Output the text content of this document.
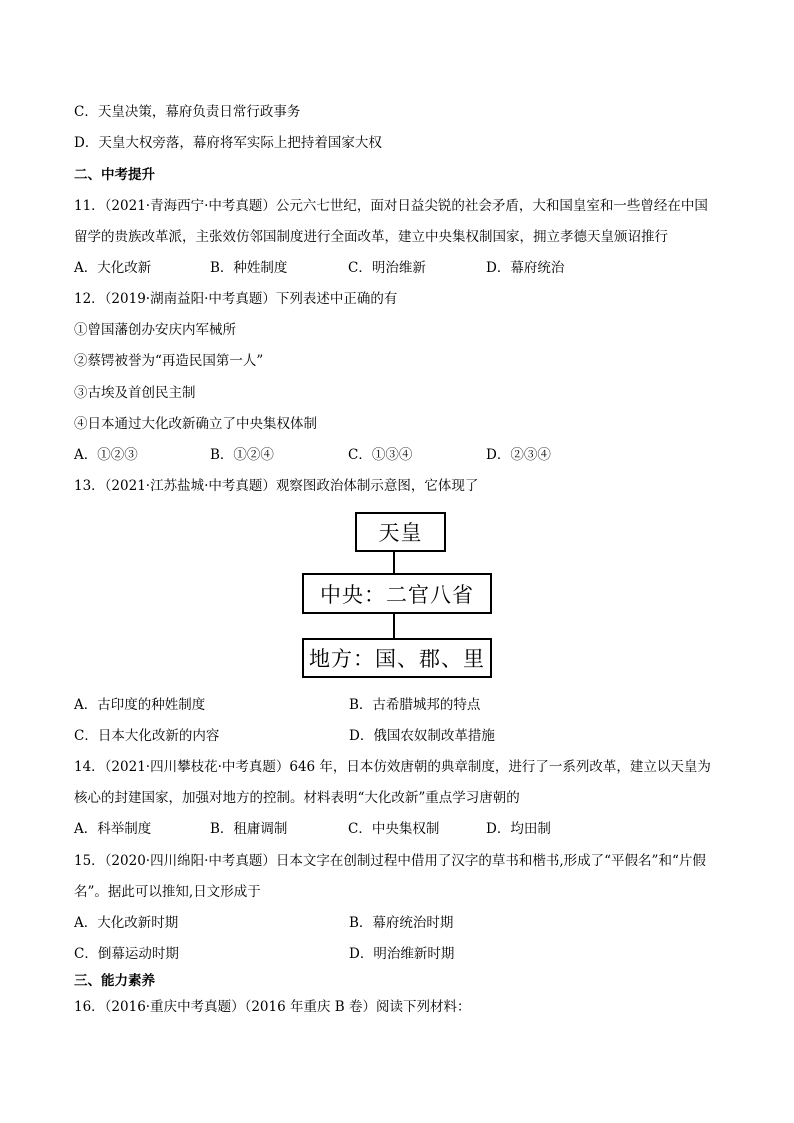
C．天皇决策，幕府负责日常行政事务
D．天皇大权旁落，幕府将军实际上把持着国家大权
二、中考提升
11．（2021·青海西宁·中考真题）公元六七世纪，面对日益尖锐的社会矛盾，大和国皇室和一些曾经在中国
留学的贵族改革派，主张效仿邻国制度进行全面改革，建立中央集权制国家，拥立孝德天皇颁诏推行
A．大化改新	B．种姓制度	C．明治维新	D．幕府统治
12．（2019·湖南益阳·中考真题）下列表述中正确的有
①曾国藩创办安庆内军械所
②蔡锷被誉为“再造民国第一人”
③古埃及首创民主制
④日本通过大化改新确立了中央集权体制
A．①②③	B．①②④	C．①③④	D．②③④
13．（2021·江苏盐城·中考真题）观察图政治体制示意图，它体现了
天皇
中央：二官八省
地方：国、郡、里
A．古印度的种姓制度	B．古希腊城邦的特点
C．日本大化改新的内容	D．俄国农奴制改革措施
14．（2021·四川攀枝花·中考真题）646 年，日本仿效唐朝的典章制度，进行了一系列改革，建立以天皇为
核心的封建国家，加强对地方的控制。材料表明“大化改新”重点学习唐朝的
A．科举制度	B．租庸调制	C．中央集权制	D．均田制
15．（2020·四川绵阳·中考真题）日本文字在创制过程中借用了汉字的草书和楷书,形成了“平假名”和“片假
名”。据此可以推知,日文形成于
A．大化改新时期	B．幕府统治时期
C．倒幕运动时期	D．明治维新时期
三、能力素养
16．（2016·重庆中考真题）（2016 年重庆 B 卷）阅读下列材料：
